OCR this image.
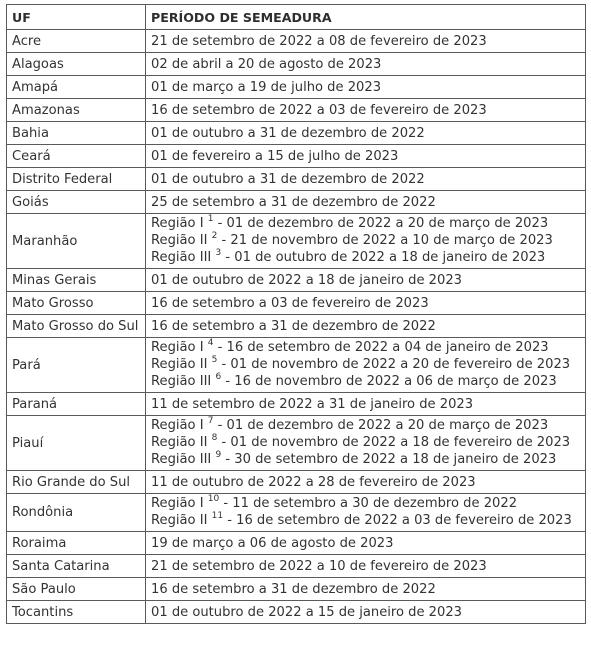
UF	PERÍODO DE SEMEADURA
Acre	21 de setembro de 2022 a 08 de fevereiro de 2023
Alagoas	02 de abril a 20 de agosto de 2023
Amapá	01 de março a 19 de julho de 2023
Amazonas	16 de setembro de 2022 a 03 de fevereiro de 2023
Bahia	01 de outubro a 31 de dezembro de 2022
Ceará	01 de fevereiro a 15 de julho de 2023
Distrito Federal	01 de outubro a 31 de dezembro de 2022
Goiás	25 de setembro a 31 de dezembro de 2022
Maranhão	Região I $^1$ - 01 de dezembro de 2022 a 20 de março de 2023
Região II $^2$ - 21 de novembro de 2022 a 10 de março de 2023
Região III $^3$ - 01 de outubro de 2022 a 18 de janeiro de 2023

Minas Gerais	01 de outubro de 2022 a 18 de janeiro de 2023
Mato Grosso	16 de setembro a 03 de fevereiro de 2023
Mato Grosso do Sul	16 de setembro a 31 de dezembro de 2022
Pará	Região I $^4$ - 16 de setembro de 2022 a 04 de janeiro de 2023
Região II $^5$ - 01 de novembro de 2022 a 20 de fevereiro de 2023
Região III $^6$ - 16 de novembro de 2022 a 06 de março de 2023

Paraná	11 de setembro de 2022 a 31 de janeiro de 2023
Piauí	Região I $^7$ - 01 de dezembro de 2022 a 20 de março de 2023
Região II $^8$ - 01 de novembro de 2022 a 18 de fevereiro de 2023
Região III $^9$ - 30 de setembro de 2022 a 18 de janeiro de 2023

Rio Grande do Sul	11 de outubro de 2022 a 28 de fevereiro de 2023
Rondônia	Região I $^{10}$ - 11 de setembro a 30 de dezembro de 2022
Região II $^{11}$ - 16 de setembro de 2022 a 03 de fevereiro de 2023

Roraima	19 de março a 06 de agosto de 2023
Santa Catarina	21 de setembro de 2022 a 10 de fevereiro de 2023
São Paulo	16 de setembro a 31 de dezembro de 2022
Tocantins	01 de outubro de 2022 a 15 de janeiro de 2023
